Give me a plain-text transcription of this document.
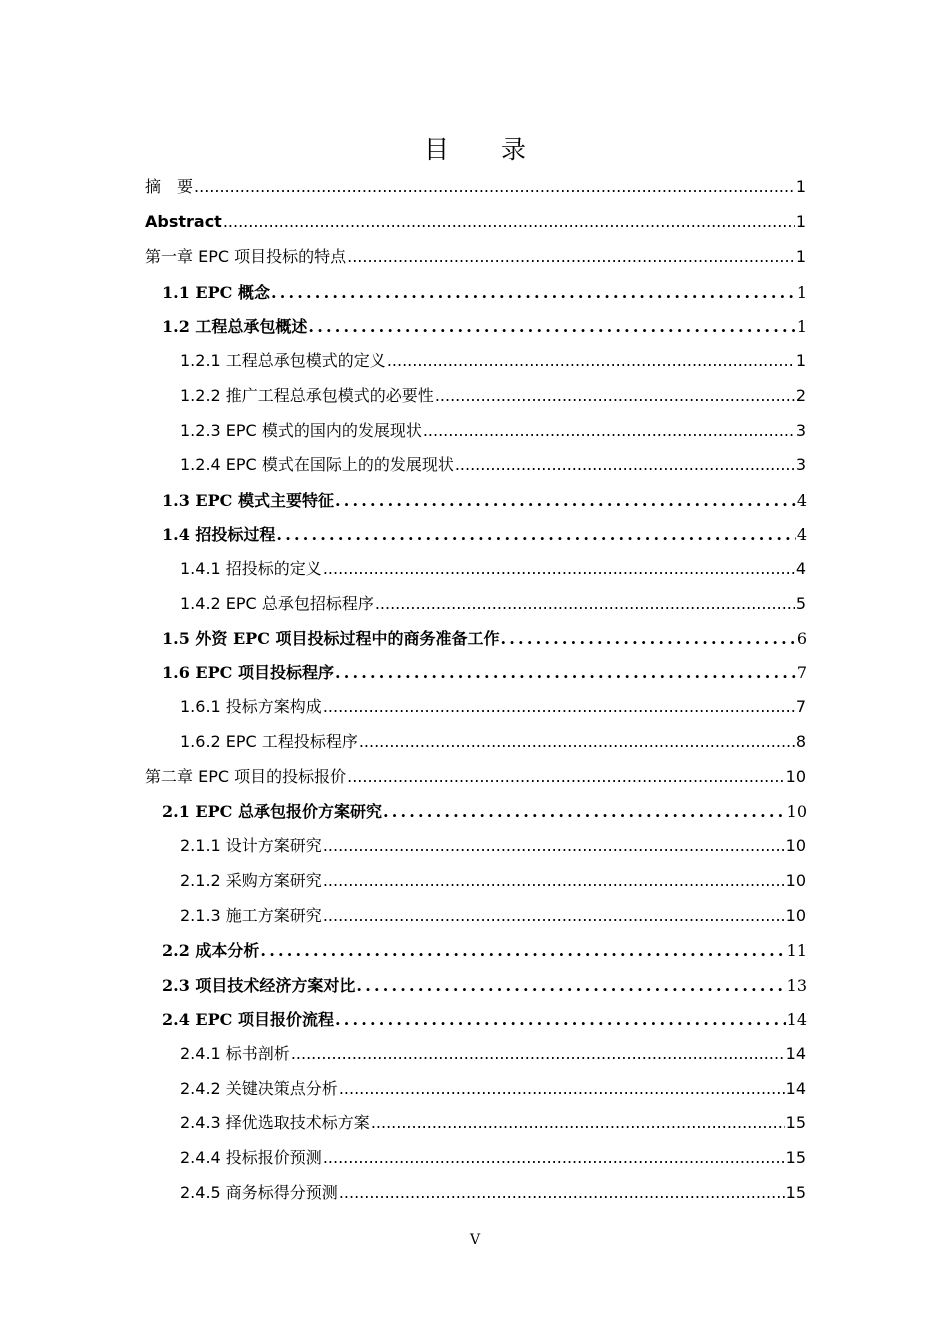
目 录
摘　要 .....	1
Abstract .....	1
第一章 EPC 项目投标的特点 .....	1
1.1 EPC 概念 .....	1
1.2 工程总承包概述 .....	1
1.2.1 工程总承包模式的定义 .....	1
1.2.2 推广工程总承包模式的必要性 .....	2
1.2.3 EPC 模式的国内的发展现状 .....	3
1.2.4 EPC 模式在国际上的的发展现状 .....	3
1.3 EPC 模式主要特征 .....	4
1.4 招投标过程 .....	4
1.4.1 招投标的定义 .....	4
1.4.2 EPC 总承包招标程序 .....	5
1.5 外资 EPC 项目投标过程中的商务准备工作 .....	6
1.6 EPC 项目投标程序 .....	7
1.6.1 投标方案构成 .....	7
1.6.2 EPC 工程投标程序 .....	8
第二章 EPC 项目的投标报价 .....	10
2.1 EPC 总承包报价方案研究 .....	10
2.1.1 设计方案研究 .....	10
2.1.2 采购方案研究 .....	10
2.1.3 施工方案研究 .....	10
2.2 成本分析 .....	11
2.3 项目技术经济方案对比 .....	13
2.4 EPC 项目报价流程 .....	14
2.4.1 标书剖析 .....	14
2.4.2 关键决策点分析 .....	14
2.4.3 择优选取技术标方案 .....	15
2.4.4 投标报价预测 .....	15
2.4.5 商务标得分预测 .....	15
V
